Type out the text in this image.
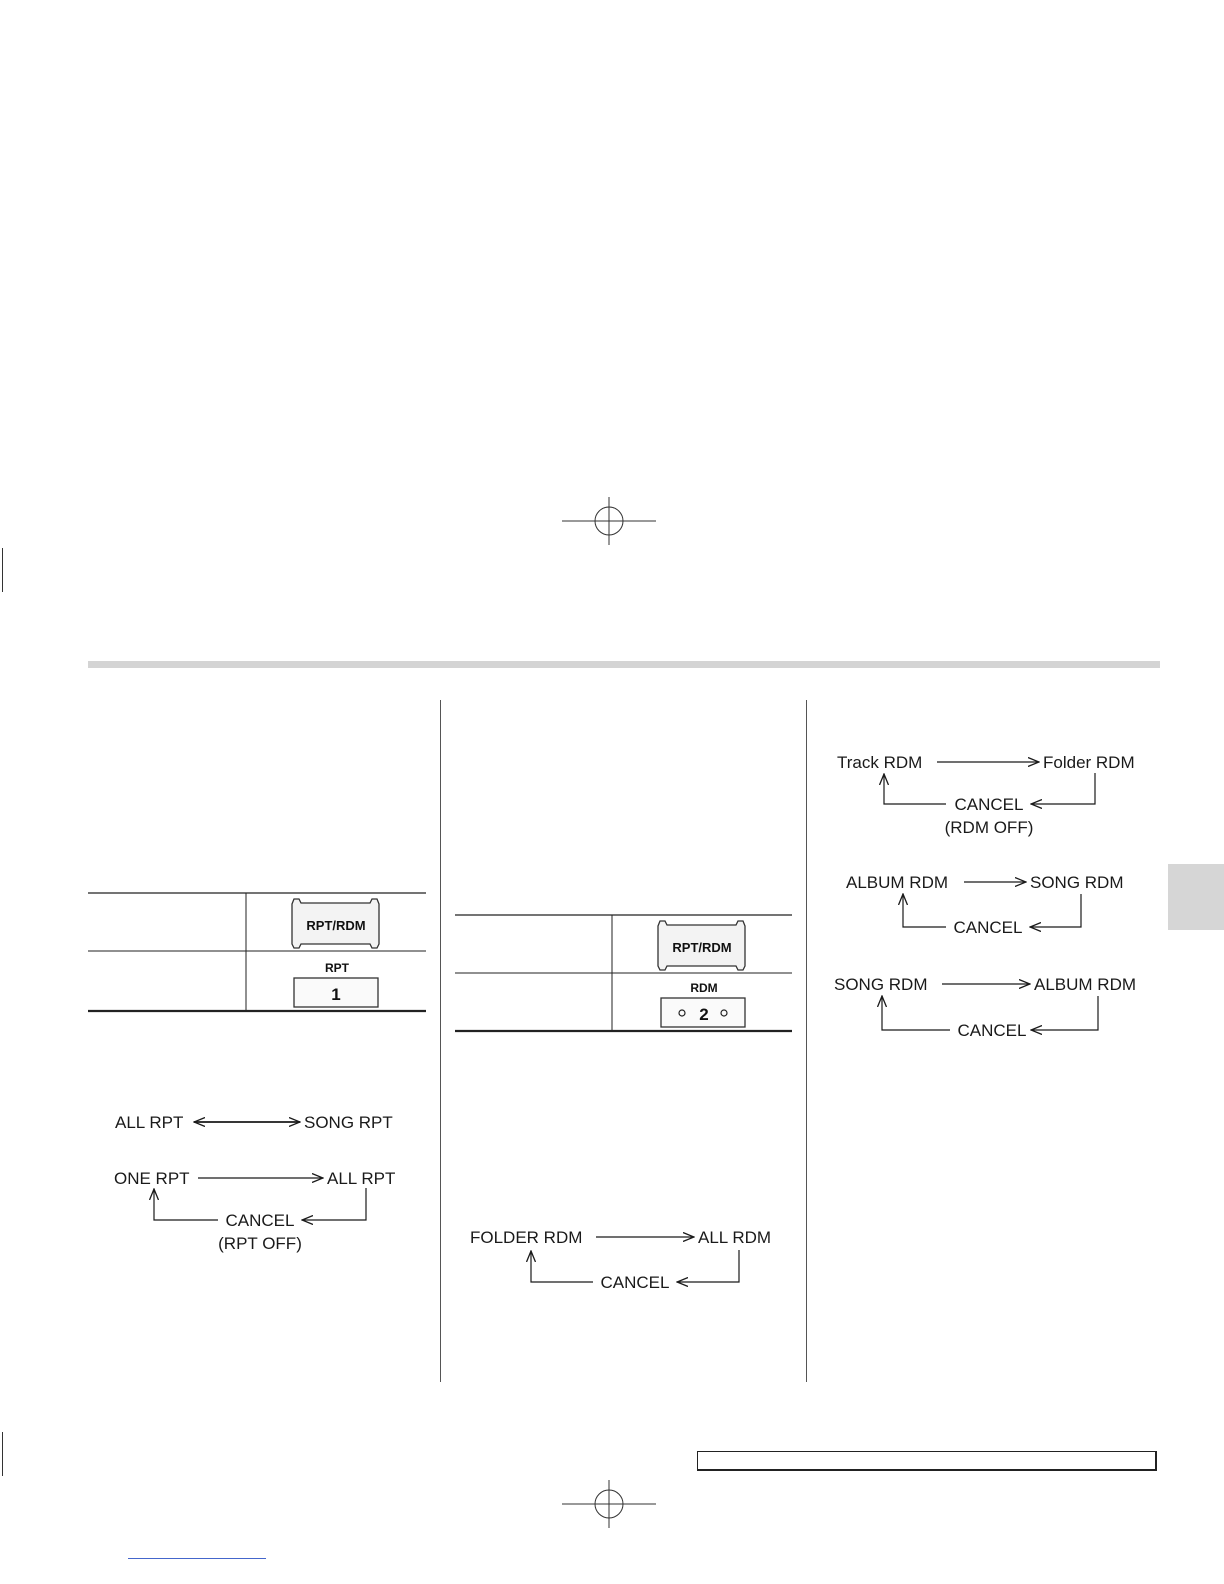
RPT/RDM
RPT
1
ALL RPT	SONG RPT
ONE RPT	ALL RPT
CANCEL
(RPT OFF)
RPT/RDM
RDM
2
FOLDER RDM	ALL RDM
CANCEL
Track RDM	Folder RDM
CANCEL
(RDM OFF)
ALBUM RDM	SONG RDM
CANCEL
SONG RDM	ALBUM RDM
CANCEL
